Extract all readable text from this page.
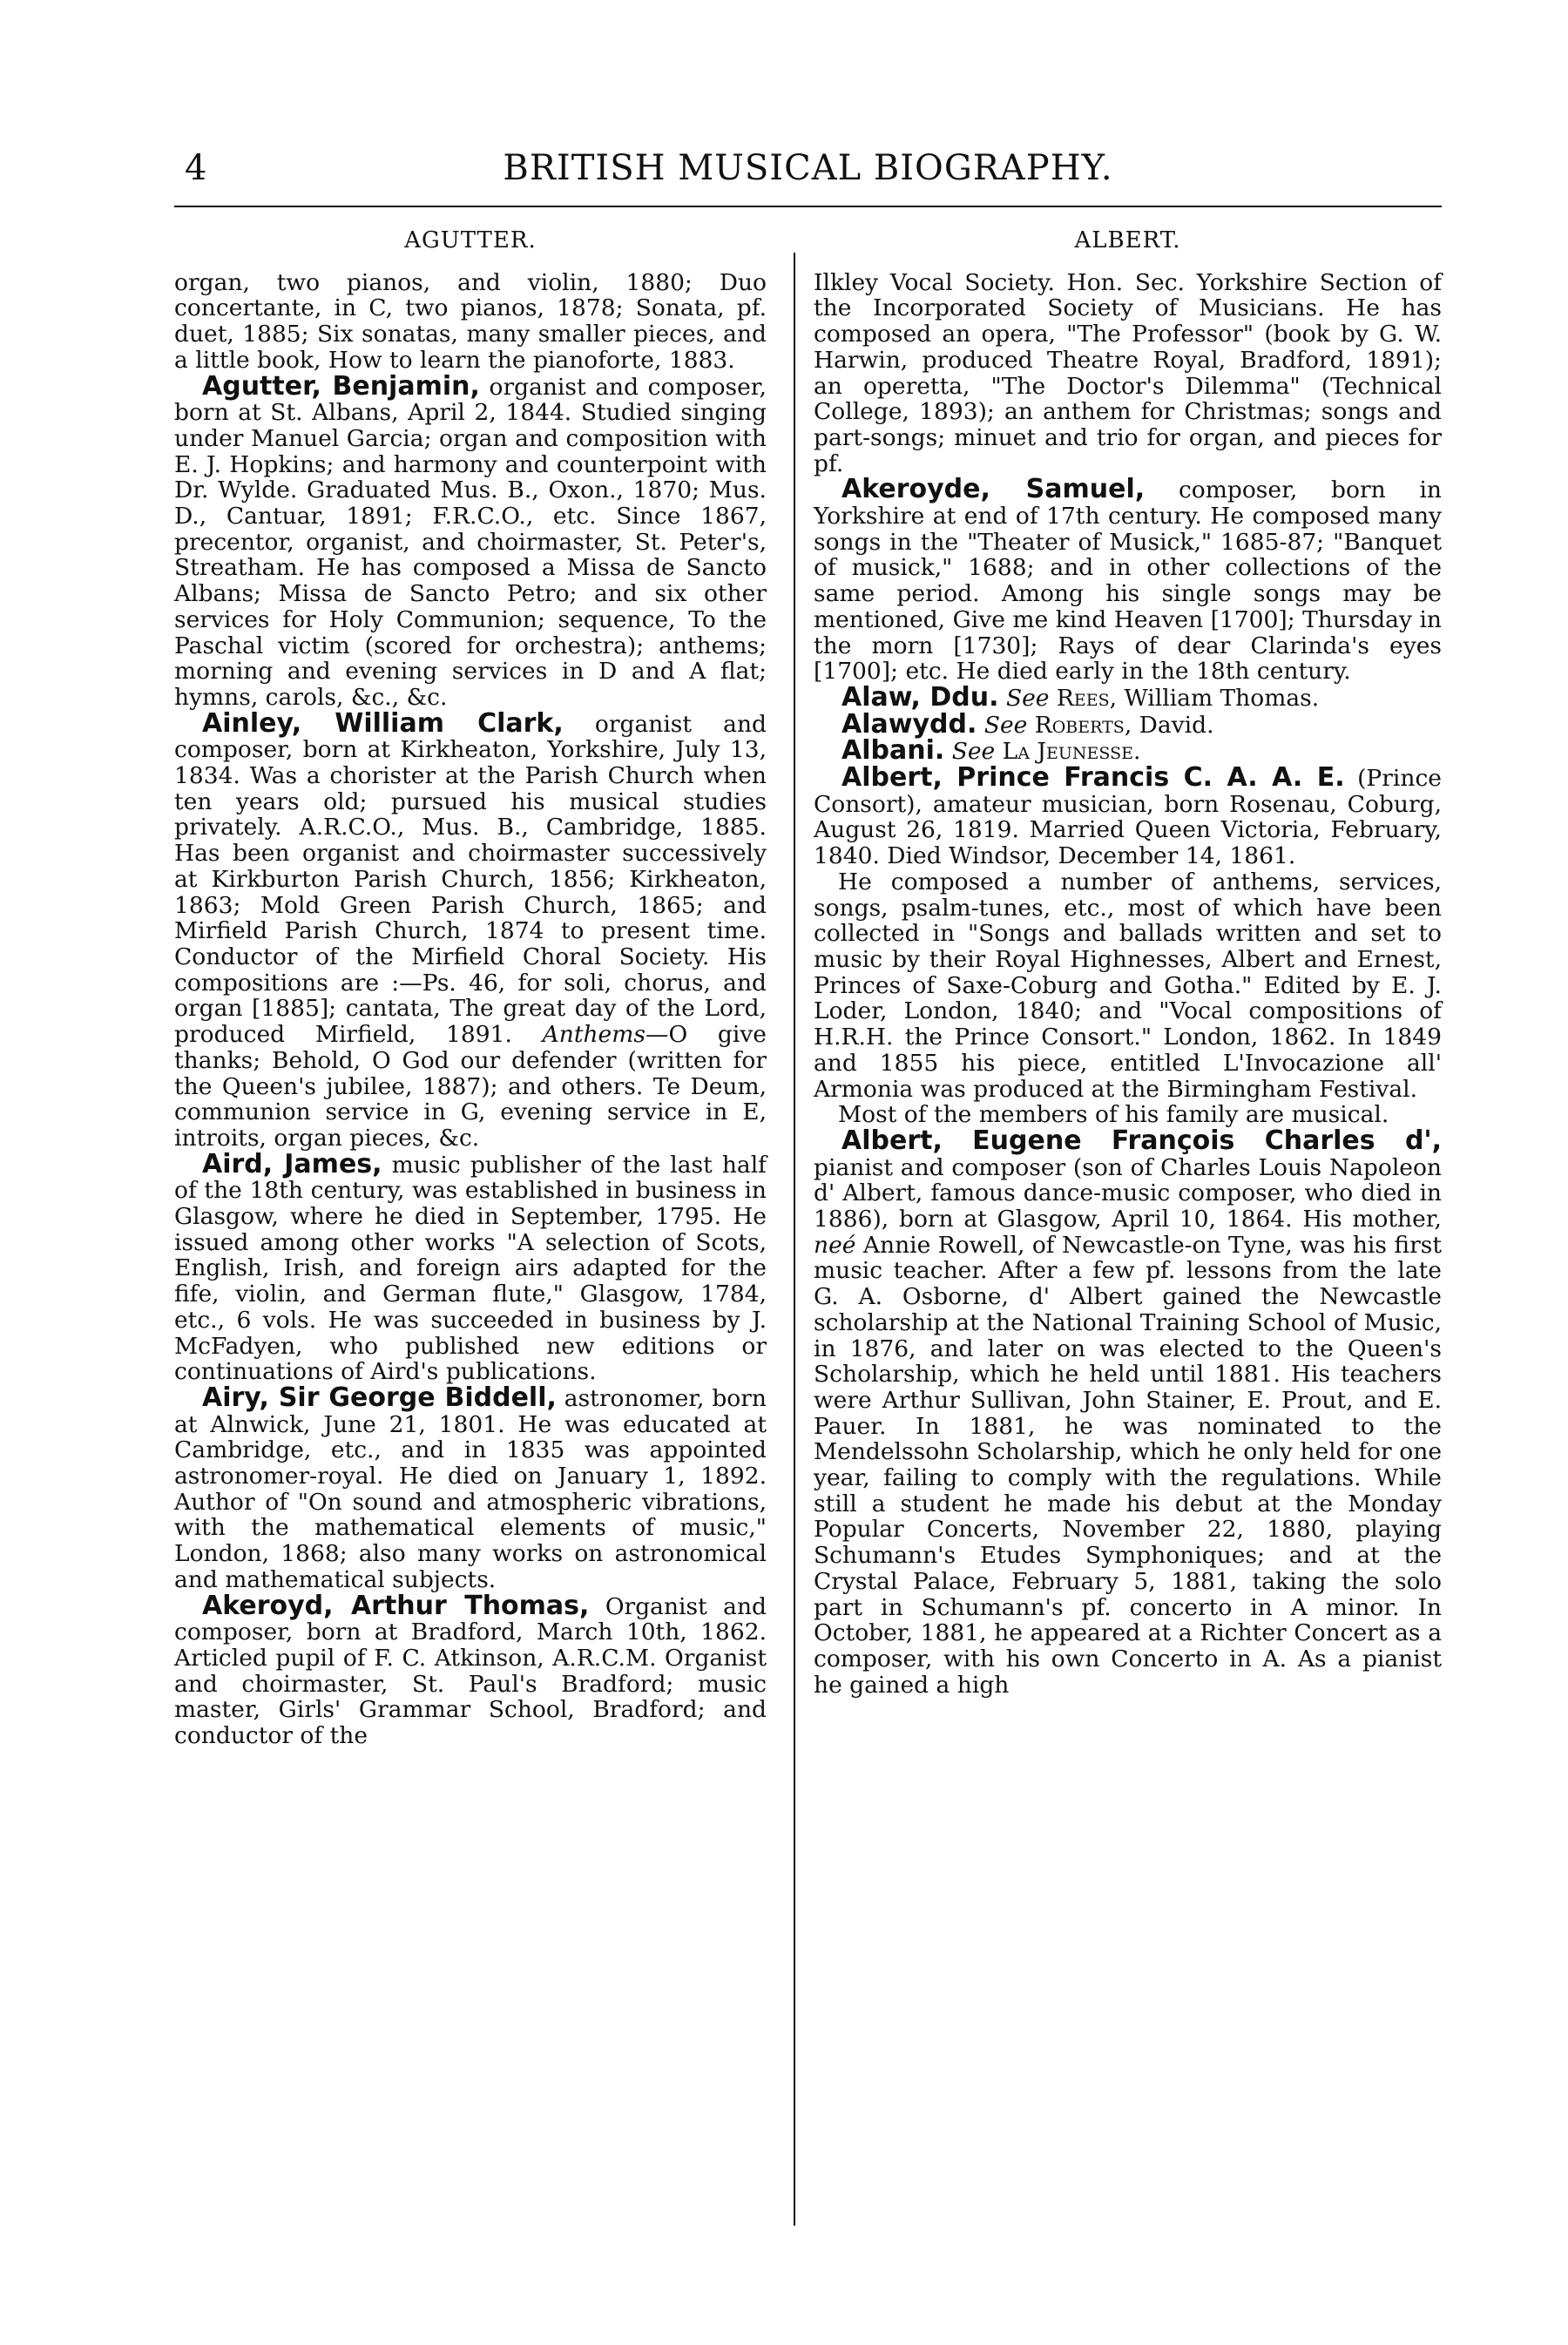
4	BRITISH MUSICAL BIOGRAPHY.
AGUTTER.

organ, two pianos, and violin, 1880; Duo concertante, in C, two pianos, 1878; Sonata, pf. duet, 1885; Six sonatas, many smaller pieces, and a little book, How to learn the pianoforte, 1883.

Agutter, Benjamin, organist and composer, born at St. Albans, April 2, 1844. Studied singing under Manuel Garcia; organ and composition with E. J. Hopkins; and harmony and counterpoint with Dr. Wylde. Graduated Mus. B., Oxon., 1870; Mus. D., Cantuar, 1891; F.R.C.O., etc. Since 1867, precentor, organist, and choirmaster, St. Peter's, Streatham. He has composed a Missa de Sancto Albans; Missa de Sancto Petro; and six other services for Holy Communion; sequence, To the Paschal victim (scored for orchestra); anthems; morning and evening services in D and A flat; hymns, carols, &c., &c.

Ainley, William Clark, organist and composer, born at Kirkheaton, Yorkshire, July 13, 1834. Was a chorister at the Parish Church when ten years old; pursued his musical studies privately. A.R.C.O., Mus. B., Cambridge, 1885. Has been organist and choirmaster successively at Kirkburton Parish Church, 1856; Kirkheaton, 1863; Mold Green Parish Church, 1865; and Mirfield Parish Church, 1874 to present time. Conductor of the Mirfield Choral Society. His compositions are :—Ps. 46, for soli, chorus, and organ [1885]; cantata, The great day of the Lord, produced Mirfield, 1891. Anthems—O give thanks; Behold, O God our defender (written for the Queen's jubilee, 1887); and others. Te Deum, communion service in G, evening service in E, introits, organ pieces, &c.

Aird, James, music publisher of the last half of the 18th century, was established in business in Glasgow, where he died in September, 1795. He issued among other works "A selection of Scots, English, Irish, and foreign airs adapted for the fife, violin, and German flute," Glasgow, 1784, etc., 6 vols. He was succeeded in business by J. McFadyen, who published new editions or continuations of Aird's publications.

Airy, Sir George Biddell, astronomer, born at Alnwick, June 21, 1801. He was educated at Cambridge, etc., and in 1835 was appointed astronomer-royal. He died on January 1, 1892. Author of "On sound and atmospheric vibrations, with the mathematical elements of music," London, 1868; also many works on astronomical and mathematical subjects.

Akeroyd, Arthur Thomas, Organist and composer, born at Bradford, March 10th, 1862. Articled pupil of F. C. Atkinson, A.R.C.M. Organist and choirmaster, St. Paul's Bradford; music master, Girls' Grammar School, Bradford; and conductor of the

ALBERT.

Ilkley Vocal Society. Hon. Sec. Yorkshire Section of the Incorporated Society of Musicians. He has composed an opera, "The Professor" (book by G. W. Harwin, produced Theatre Royal, Bradford, 1891); an operetta, "The Doctor's Dilemma" (Technical College, 1893); an anthem for Christmas; songs and part-songs; minuet and trio for organ, and pieces for pf.

Akeroyde, Samuel, composer, born in Yorkshire at end of 17th century. He composed many songs in the "Theater of Musick," 1685-87; "Banquet of musick," 1688; and in other collections of the same period. Among his single songs may be mentioned, Give me kind Heaven [1700]; Thursday in the morn [1730]; Rays of dear Clarinda's eyes [1700]; etc. He died early in the 18th century.

Alaw, Ddu. See Rees, William Thomas.

Alawydd. See Roberts, David.

Albani. See La Jeunesse.

Albert, Prince Francis C. A. A. E. (Prince Consort), amateur musician, born Rosenau, Coburg, August 26, 1819. Married Queen Victoria, February, 1840. Died Windsor, December 14, 1861.

He composed a number of anthems, services, songs, psalm-tunes, etc., most of which have been collected in "Songs and ballads written and set to music by their Royal Highnesses, Albert and Ernest, Princes of Saxe-Coburg and Gotha." Edited by E. J. Loder, London, 1840; and "Vocal compositions of H.R.H. the Prince Consort." London, 1862. In 1849 and 1855 his piece, entitled L'Invocazione all' Armonia was produced at the Birmingham Festival.

Most of the members of his family are musical.

Albert, Eugene François Charles d', pianist and composer (son of Charles Louis Napoleon d' Albert, famous dance-music composer, who died in 1886), born at Glasgow, April 10, 1864. His mother, neé Annie Rowell, of Newcastle-on Tyne, was his first music teacher. After a few pf. lessons from the late G. A. Osborne, d' Albert gained the Newcastle scholarship at the National Training School of Music, in 1876, and later on was elected to the Queen's Scholarship, which he held until 1881. His teachers were Arthur Sullivan, John Stainer, E. Prout, and E. Pauer. In 1881, he was nominated to the Mendelssohn Scholarship, which he only held for one year, failing to comply with the regulations. While still a student he made his debut at the Monday Popular Concerts, November 22, 1880, playing Schumann's Etudes Symphoniques; and at the Crystal Palace, February 5, 1881, taking the solo part in Schumann's pf. concerto in A minor. In October, 1881, he appeared at a Richter Concert as a composer, with his own Concerto in A. As a pianist he gained a high
